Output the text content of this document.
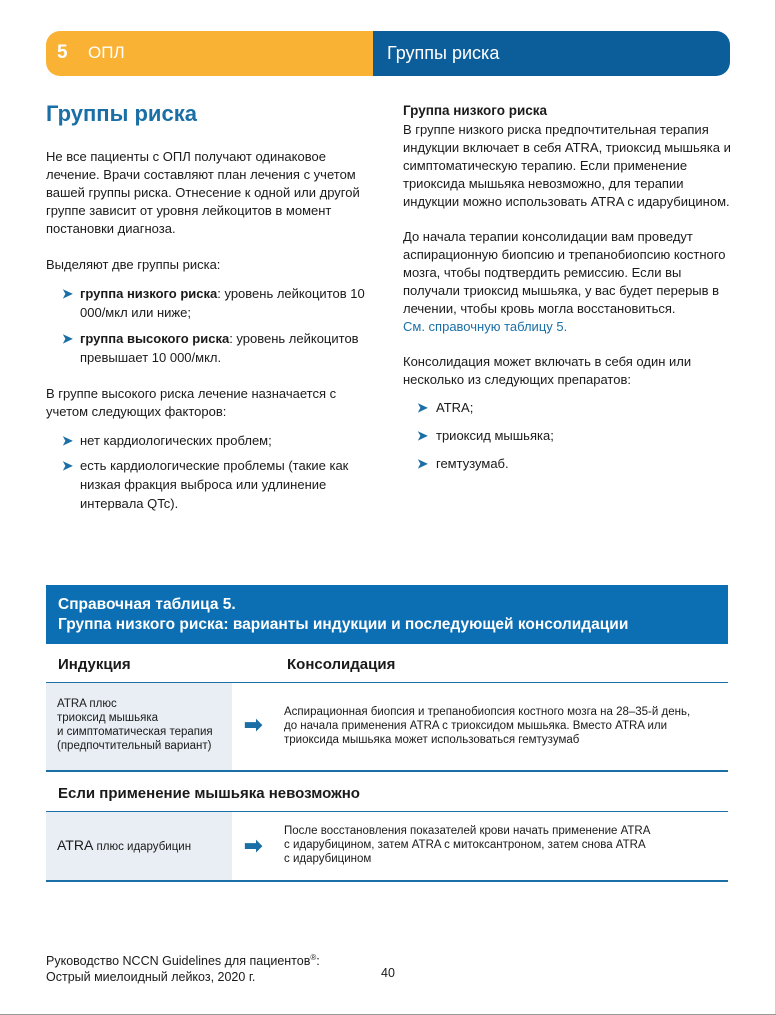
5 ОПЛ	Группы риска
Группы риска

Не все пациенты с ОПЛ получают одинаковое лечение. Врачи составляют план лечения с учетом вашей группы риска. Отнесение к одной или другой группе зависит от уровня лейкоцитов в момент постановки диагноза.

Выделяют две группы риска:

➤ группа низкого риска: уровень лейкоцитов 10 000/мкл или ниже;
➤ группа высокого риска: уровень лейкоцитов превышает 10 000/мкл.

В группе высокого риска лечение назначается с учетом следующих факторов:

➤ нет кардиологических проблем;
➤ есть кардиологические проблемы (такие как низкая фракция выброса или удлинение интервала QTc).
Группа низкого риска

В группе низкого риска предпочтительная терапия индукции включает в себя ATRA, триоксид мышьяка и симптоматическую терапию. Если применение триоксида мышьяка невозможно, для терапии индукции можно использовать ATRA с идарубицином.

До начала терапии консолидации вам проведут аспирационную биопсию и трепанобиопсию костного мозга, чтобы подтвердить ремиссию. Если вы получали триоксид мышьяка, у вас будет перерыв в лечении, чтобы кровь могла восстановиться.

См. справочную таблицу 5.

Консолидация может включать в себя один или несколько из следующих препаратов:

➤ ATRA;
➤ триоксид мышьяка;
➤ гемтузумаб.
Справочная таблица 5.
Группа низкого риска: варианты индукции и последующей консолидации
Индукция	Консолидация
ATRA плюс
триоксид мышьяка
и симптоматическая терапия
(предпочтительный вариант)
➡ Аспирационная биопсия и трепанобиопсия костного мозга на 28–35-й день,
до начала применения ATRA с триоксидом мышьяка. Вместо ATRA или
триоксида мышьяка может использоваться гемтузумаб
Если применение мышьяка невозможно
ATRA плюс идарубицин ➡
После восстановления показателей крови начать применение ATRA
с идарубицином, затем ATRA с митоксантроном, затем снова ATRA
с идарубицином
Руководство NCCN Guidelines для пациентов®:
Острый миелоидный лейкоз, 2020 г.	40
